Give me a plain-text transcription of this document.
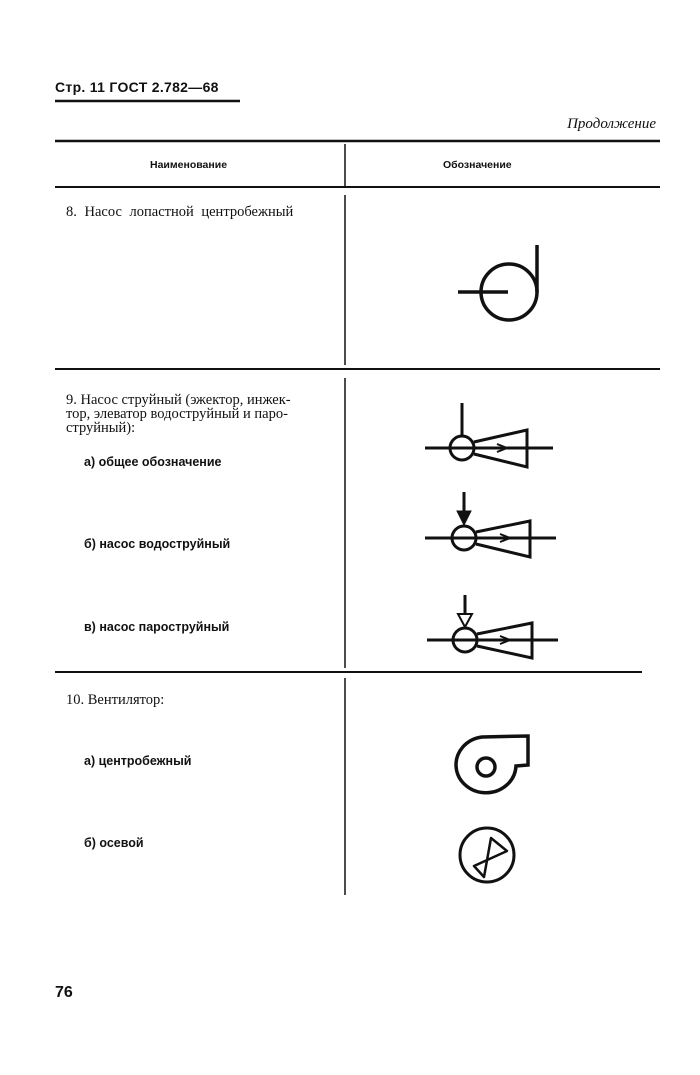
Стр. 11 ГОСТ 2.782—68
Продолжение
Наименование	Обозначение
8. Насос лопастной центробежный
9. Насос струйный (эжектор, инжек-
тор, элеватор водоструйный и паро-
струйный):
а) общее обозначение
б) насос водоструйный
в) насос пароструйный
10. Вентилятор:
а) центробежный
б) осевой
76
